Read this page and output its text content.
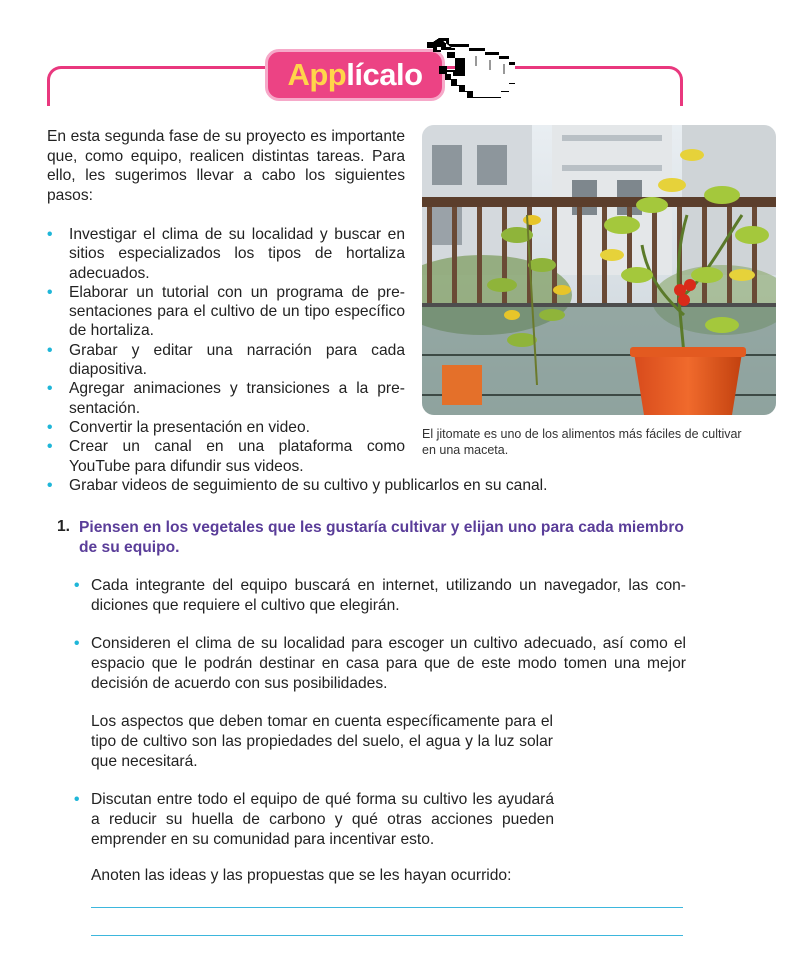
Applícalo

En esta segunda fase de su proyecto es importante que, como equipo, realicen distintas tareas. Para ello, les sugerimos llevar a cabo los siguientes pasos:

• Investigar el clima de su localidad y buscar en sitios especializados los tipos de hortaliza adecuados.
• Elaborar un tutorial con un programa de presentaciones para el cultivo de un tipo específico de hortaliza.
• Grabar y editar una narración para cada diapositiva.
• Agregar animaciones y transiciones a la presentación.
• Convertir la presentación en video.
• Crear un canal en una plataforma como YouTube para difundir sus videos.
• Grabar videos de seguimiento de su cultivo y publicarlos en su canal.

El jitomate es uno de los alimentos más fáciles de cultivar en una maceta.

1. Piensen en los vegetales que les gustaría cultivar y elijan uno para cada miembro de su equipo.

• Cada integrante del equipo buscará en internet, utilizando un navegador, las condiciones que requiere el cultivo que elegirán.
• Consideren el clima de su localidad para escoger un cultivo adecuado, así como el espacio que le podrán destinar en casa para que de este modo tomen una mejor decisión de acuerdo con sus posibilidades.

Los aspectos que deben tomar en cuenta específicamente para el tipo de cultivo son las propiedades del suelo, el agua y la luz solar que necesitará.

• Discutan entre todo el equipo de qué forma su cultivo les ayudará a reducir su huella de carbono y qué otras acciones pueden emprender en su comunidad para incentivar esto.

Anoten las ideas y las propuestas que se les hayan ocurrido:
